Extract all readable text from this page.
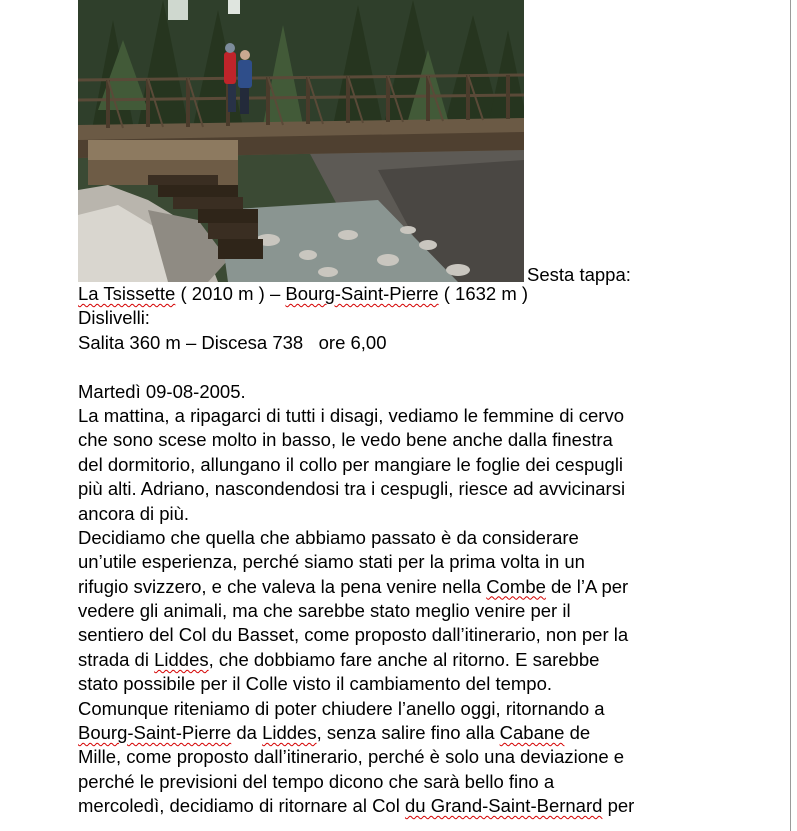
Sesta tappa:
La Tsissette ( 2010 m ) – Bourg-Saint-Pierre ( 1632 m )
Dislivelli:
Salita 360 m – Discesa 738   ore 6,00
Martedì 09-08-2005.
La mattina, a ripagarci di tutti i disagi, vediamo le femmine di cervo
che sono scese molto in basso, le vedo bene anche dalla finestra
del dormitorio, allungano il collo per mangiare le foglie dei cespugli
più alti. Adriano, nascondendosi tra i cespugli, riesce ad avvicinarsi
ancora di più.
Decidiamo che quella che abbiamo passato è da considerare
un’utile esperienza, perché siamo stati per la prima volta in un
rifugio svizzero, e che valeva la pena venire nella Combe de l’A per
vedere gli animali, ma che sarebbe stato meglio venire per il
sentiero del Col du Basset, come proposto dall’itinerario, non per la
strada di Liddes, che dobbiamo fare anche al ritorno. E sarebbe
stato possibile per il Colle visto il cambiamento del tempo.
Comunque riteniamo di poter chiudere l’anello oggi, ritornando a
Bourg-Saint-Pierre da Liddes, senza salire fino alla Cabane de
Mille, come proposto dall’itinerario, perché è solo una deviazione e
perché le previsioni del tempo dicono che sarà bello fino a
mercoledì, decidiamo di ritornare al Col du Grand-Saint-Bernard per
